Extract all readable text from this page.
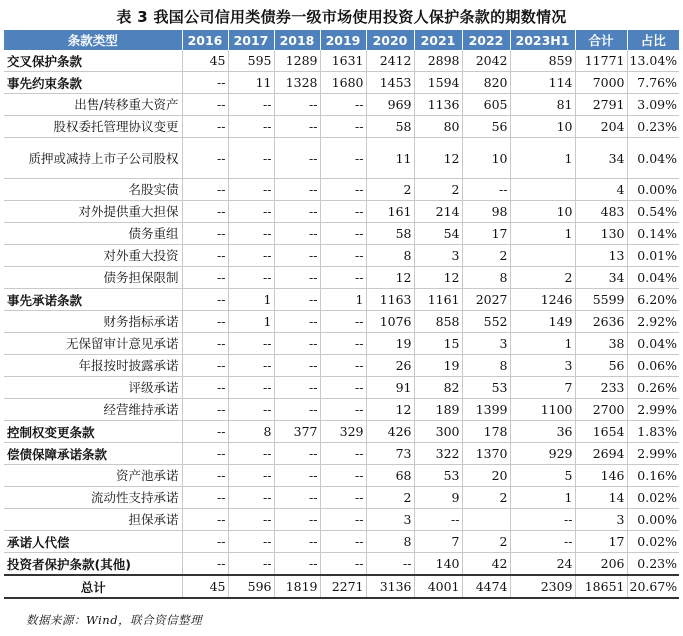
表 3 我国公司信用类债券一级市场使用投资人保护条款的期数情况
条款类型	2016	2017	2018	2019	2020	2021	2022	2023H1	合计	占比
交叉保护条款	45	595	1289	1631	2412	2898	2042	859	11771	13.04%
事先约束条款	--	11	1328	1680	1453	1594	820	114	7000	7.76%
出售/转移重大资产	--	--	--	--	969	1136	605	81	2791	3.09%
股权委托管理协议变更	--	--	--	--	58	80	56	10	204	0.23%
质押或减持上市子公司股权	--	--	--	--	11	12	10	1	34	0.04%
名股实债	--	--	--	--	2	2	--		4	0.00%
对外提供重大担保	--	--	--	--	161	214	98	10	483	0.54%
债务重组	--	--	--	--	58	54	17	1	130	0.14%
对外重大投资	--	--	--	--	8	3	2		13	0.01%
债务担保限制	--	--	--	--	12	12	8	2	34	0.04%
事先承诺条款	--	1	--	1	1163	1161	2027	1246	5599	6.20%
财务指标承诺	--	1	--	--	1076	858	552	149	2636	2.92%
无保留审计意见承诺	--	--	--	--	19	15	3	1	38	0.04%
年报按时披露承诺	--	--	--	--	26	19	8	3	56	0.06%
评级承诺	--	--	--	--	91	82	53	7	233	0.26%
经营维持承诺	--	--	--	--	12	189	1399	1100	2700	2.99%
控制权变更条款	--	8	377	329	426	300	178	36	1654	1.83%
偿债保障承诺条款	--	--	--	--	73	322	1370	929	2694	2.99%
资产池承诺	--	--	--	--	68	53	20	5	146	0.16%
流动性支持承诺	--	--	--	--	2	9	2	1	14	0.02%
担保承诺	--	--	--	--	3	--		--	3	0.00%
承诺人代偿	--	--	--	--	8	7	2	--	17	0.02%
投资者保护条款(其他)	--	--	--	--	--	140	42	24	206	0.23%
总计	45	596	1819	2271	3136	4001	4474	2309	18651	20.67%
数据来源：Wind，联合资信整理
